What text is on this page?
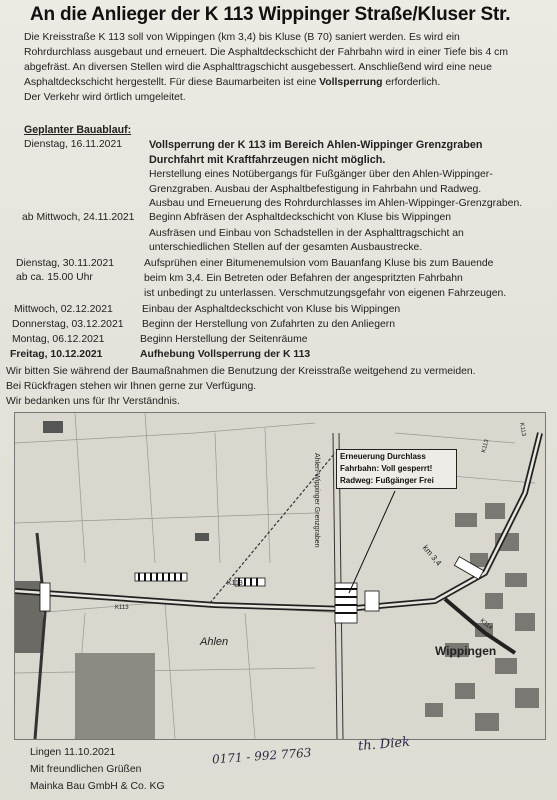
An die Anlieger der K 113 Wippinger Straße/Kluser Str.
Die Kreisstraße K 113 soll von Wippingen (km 3,4) bis Kluse (B 70) saniert werden. Es wird ein
Rohrdurchlass ausgebaut und erneuert. Die Asphaltdeckschicht der Fahrbahn wird in einer Tiefe bis 4 cm
abgefräst. An diversen Stellen wird die Asphalttragschicht ausgebessert. Anschließend wird eine neue
Asphaltdeckschicht hergestellt. Für diese Baumarbeiten ist eine Vollsperrung erforderlich.
Der Verkehr wird örtlich umgeleitet.
Geplanter Bauablauf:
Dienstag, 16.11.2021 Vollsperrung der K 113 im Bereich Ahlen-Wippinger Grenzgraben
Durchfahrt mit Kraftfahrzeugen nicht möglich.
Herstellung eines Notübergangs für Fußgänger über den Ahlen-Wippinger-
Grenzgraben. Ausbau der Asphaltbefestigung in Fahrbahn und Radweg.
Ausbau und Erneuerung des Rohrdurchlasses im Ahlen-Wippinger-Grenzgraben.
ab Mittwoch, 24.11.2021 Beginn Abfräsen der Asphaltdeckschicht von Kluse bis Wippingen
Ausfräsen und Einbau von Schadstellen in der Asphalttragschicht an
unterschiedlichen Stellen auf der gesamten Ausbaustrecke.
Dienstag, 30.11.2021
ab ca. 15.00 Uhr
Aufsprühen einer Bitumenemulsion vom Bauanfang Kluse bis zum Bauende
beim km 3,4. Ein Betreten oder Befahren der angespritzten Fahrbahn
ist unbedingt zu unterlassen. Verschmutzungsgefahr von eigenen Fahrzeugen.
Mittwoch, 02.12.2021	Einbau der Asphaltdeckschicht von Kluse bis Wippingen
Donnerstag, 03.12.2021 Beginn der Herstellung von Zufahrten zu den Anliegern
Montag, 06.12.2021	Beginn Herstellung der Seitenräume
Freitag, 10.12.2021	Aufhebung Vollsperrung der K 113
Wir bitten Sie während der Baumaßnahmen die Benutzung der Kreisstraße weitgehend zu vermeiden.
Bei Rückfragen stehen wir Ihnen gerne zur Verfügung.
Wir bedanken uns für Ihr Verständnis.
Ahlen
Wippingen
km 3,4
Ahlen-Wippinger Grenzgraben
K113
K113
K113
K114
K113
Erneuerung Durchlass
Fahrbahn: Voll gesperrt!
Radweg: Fußgänger Frei
Lingen 11.10.2021
Mit freundlichen Grüßen
Mainka Bau GmbH & Co. KG
0171 - 992 7763
th. Diek
